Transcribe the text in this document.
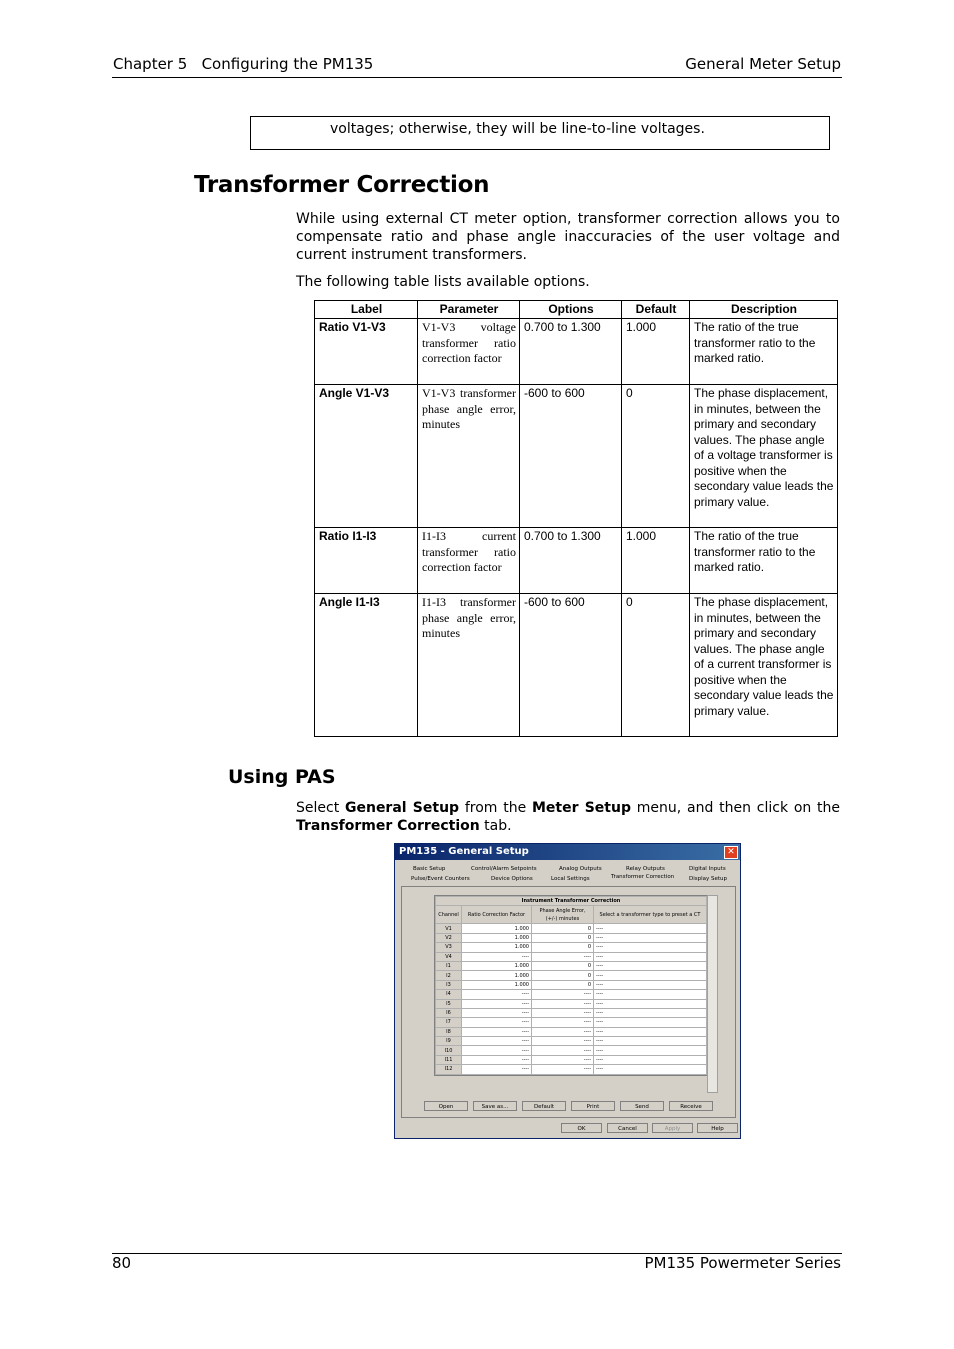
Chapter 5   Configuring the PM135	General Meter Setup
voltages; otherwise, they will be line-to-line voltages.
Transformer Correction

While using external CT meter option, transformer correction allows you to compensate ratio and phase angle inaccuracies of the user voltage and current instrument transformers.

The following table lists available options.

Label	Parameter	Options	Default	Description
Ratio V1-V3	V1-V3 voltage transformer ratio correction factor	0.700 to 1.300	1.000	The ratio of the true transformer ratio to the marked ratio.
Angle V1-V3	V1-V3 transformer phase angle error, minutes	-600 to 600	0	The phase displacement, in minutes, between the primary and secondary values. The phase angle of a voltage transformer is positive when the secondary value leads the primary value.
Ratio I1-I3	I1-I3 current transformer ratio correction factor	0.700 to 1.300	1.000	The ratio of the true transformer ratio to the marked ratio.
Angle I1-I3	I1-I3 transformer phase angle error, minutes	-600 to 600	0	The phase displacement, in minutes, between the primary and secondary values. The phase angle of a current transformer is positive when the secondary value leads the primary value.
Using PAS

Select General Setup from the Meter Setup menu, and then click on the Transformer Correction tab.

PM135 - General Setup	✕
Basic Setup	Control/Alarm Setpoints	Analog Outputs	Relay Outputs	Digital Inputs
Pulse/Event Counters	Device Options	Local Settings	Transformer Correction	Display Setup
Instrument Transformer Correction			
Channel	Ratio Correction Factor	Phase Angle Error, (+/-) minutes	Select a transformer type to preset a CT
V1	1.000	0	----
V2	1.000	0	----
V3	1.000	0	----
V4	----	----	----
I1	1.000	0	----
I2	1.000	0	----
I3	1.000	0	----
I4	----	----	----
I5	----	----	----
I6	----	----	----
I7	----	----	----
I8	----	----	----
I9	----	----	----
I10	----	----	----
I11	----	----	----
I12	----	----	----
Open	Save as...	Default	Print	Send	Receive
OK	Cancel	Apply	Help
80	PM135 Powermeter Series
